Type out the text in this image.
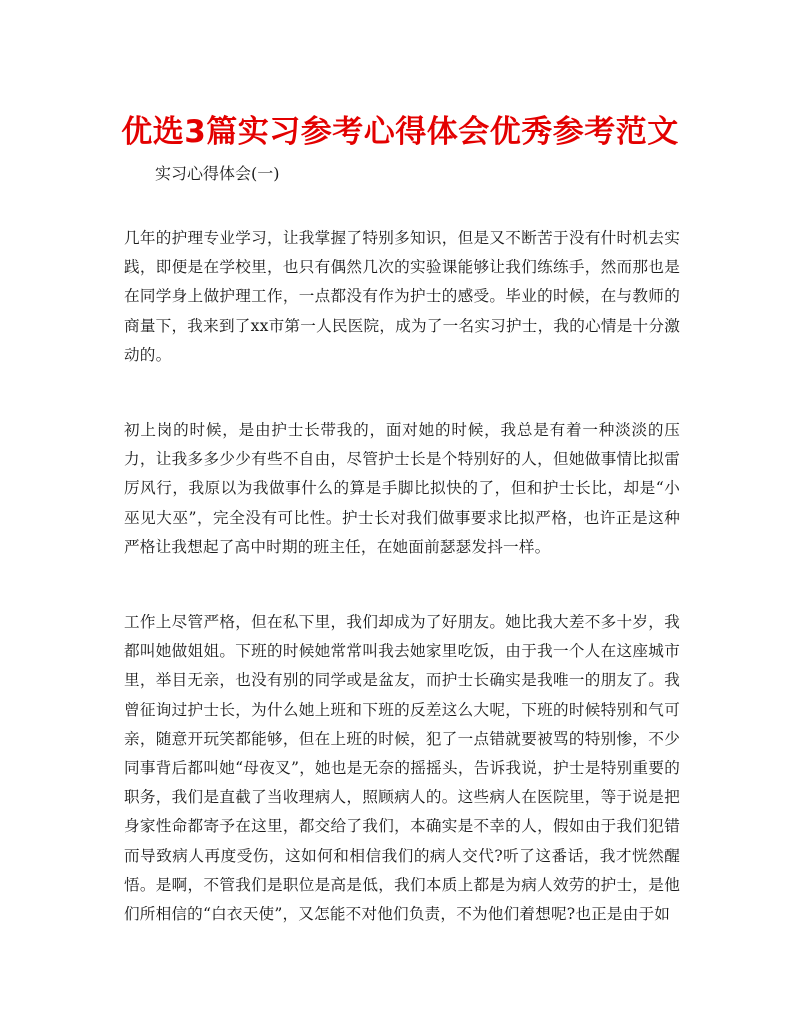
优选3篇实习参考心得体会优秀参考范文

实习心得体会(一)

几年的护理专业学习，让我掌握了特别多知识，但是又不断苦于没有什时机去实践，即便是在学校里，也只有偶然几次的实验课能够让我们练练手，然而那也是在同学身上做护理工作，一点都没有作为护士的感受。毕业的时候，在与教师的商量下，我来到了xx市第一人民医院，成为了一名实习护士，我的心情是十分激动的。

初上岗的时候，是由护士长带我的，面对她的时候，我总是有着一种淡淡的压力，让我多多少少有些不自由，尽管护士长是个特别好的人，但她做事情比拟雷厉风行，我原以为我做事什么的算是手脚比拟快的了，但和护士长比，却是“小巫见大巫”，完全没有可比性。护士长对我们做事要求比拟严格，也许正是这种严格让我想起了高中时期的班主任，在她面前瑟瑟发抖一样。

工作上尽管严格，但在私下里，我们却成为了好朋友。她比我大差不多十岁，我都叫她做姐姐。下班的时候她常常叫我去她家里吃饭，由于我一个人在这座城市里，举目无亲，也没有别的同学或是盆友，而护士长确实是我唯一的朋友了。我曾征询过护士长，为什么她上班和下班的反差这么大呢，下班的时候特别和气可亲，随意开玩笑都能够，但在上班的时候，犯了一点错就要被骂的特别惨，不少同事背后都叫她“母夜叉”，她也是无奈的摇摇头，告诉我说，护士是特别重要的职务，我们是直截了当收理病人，照顾病人的。这些病人在医院里，等于说是把身家性命都寄予在这里，都交给了我们，本确实是不幸的人，假如由于我们犯错而导致病人再度受伤，这如何和相信我们的病人交代?听了这番话，我才恍然醒悟。是啊，不管我们是职位是高是低，我们本质上都是为病人效劳的护士，是他们所相信的“白衣天使”，又怎能不对他们负责，不为他们着想呢?也正是由于如
